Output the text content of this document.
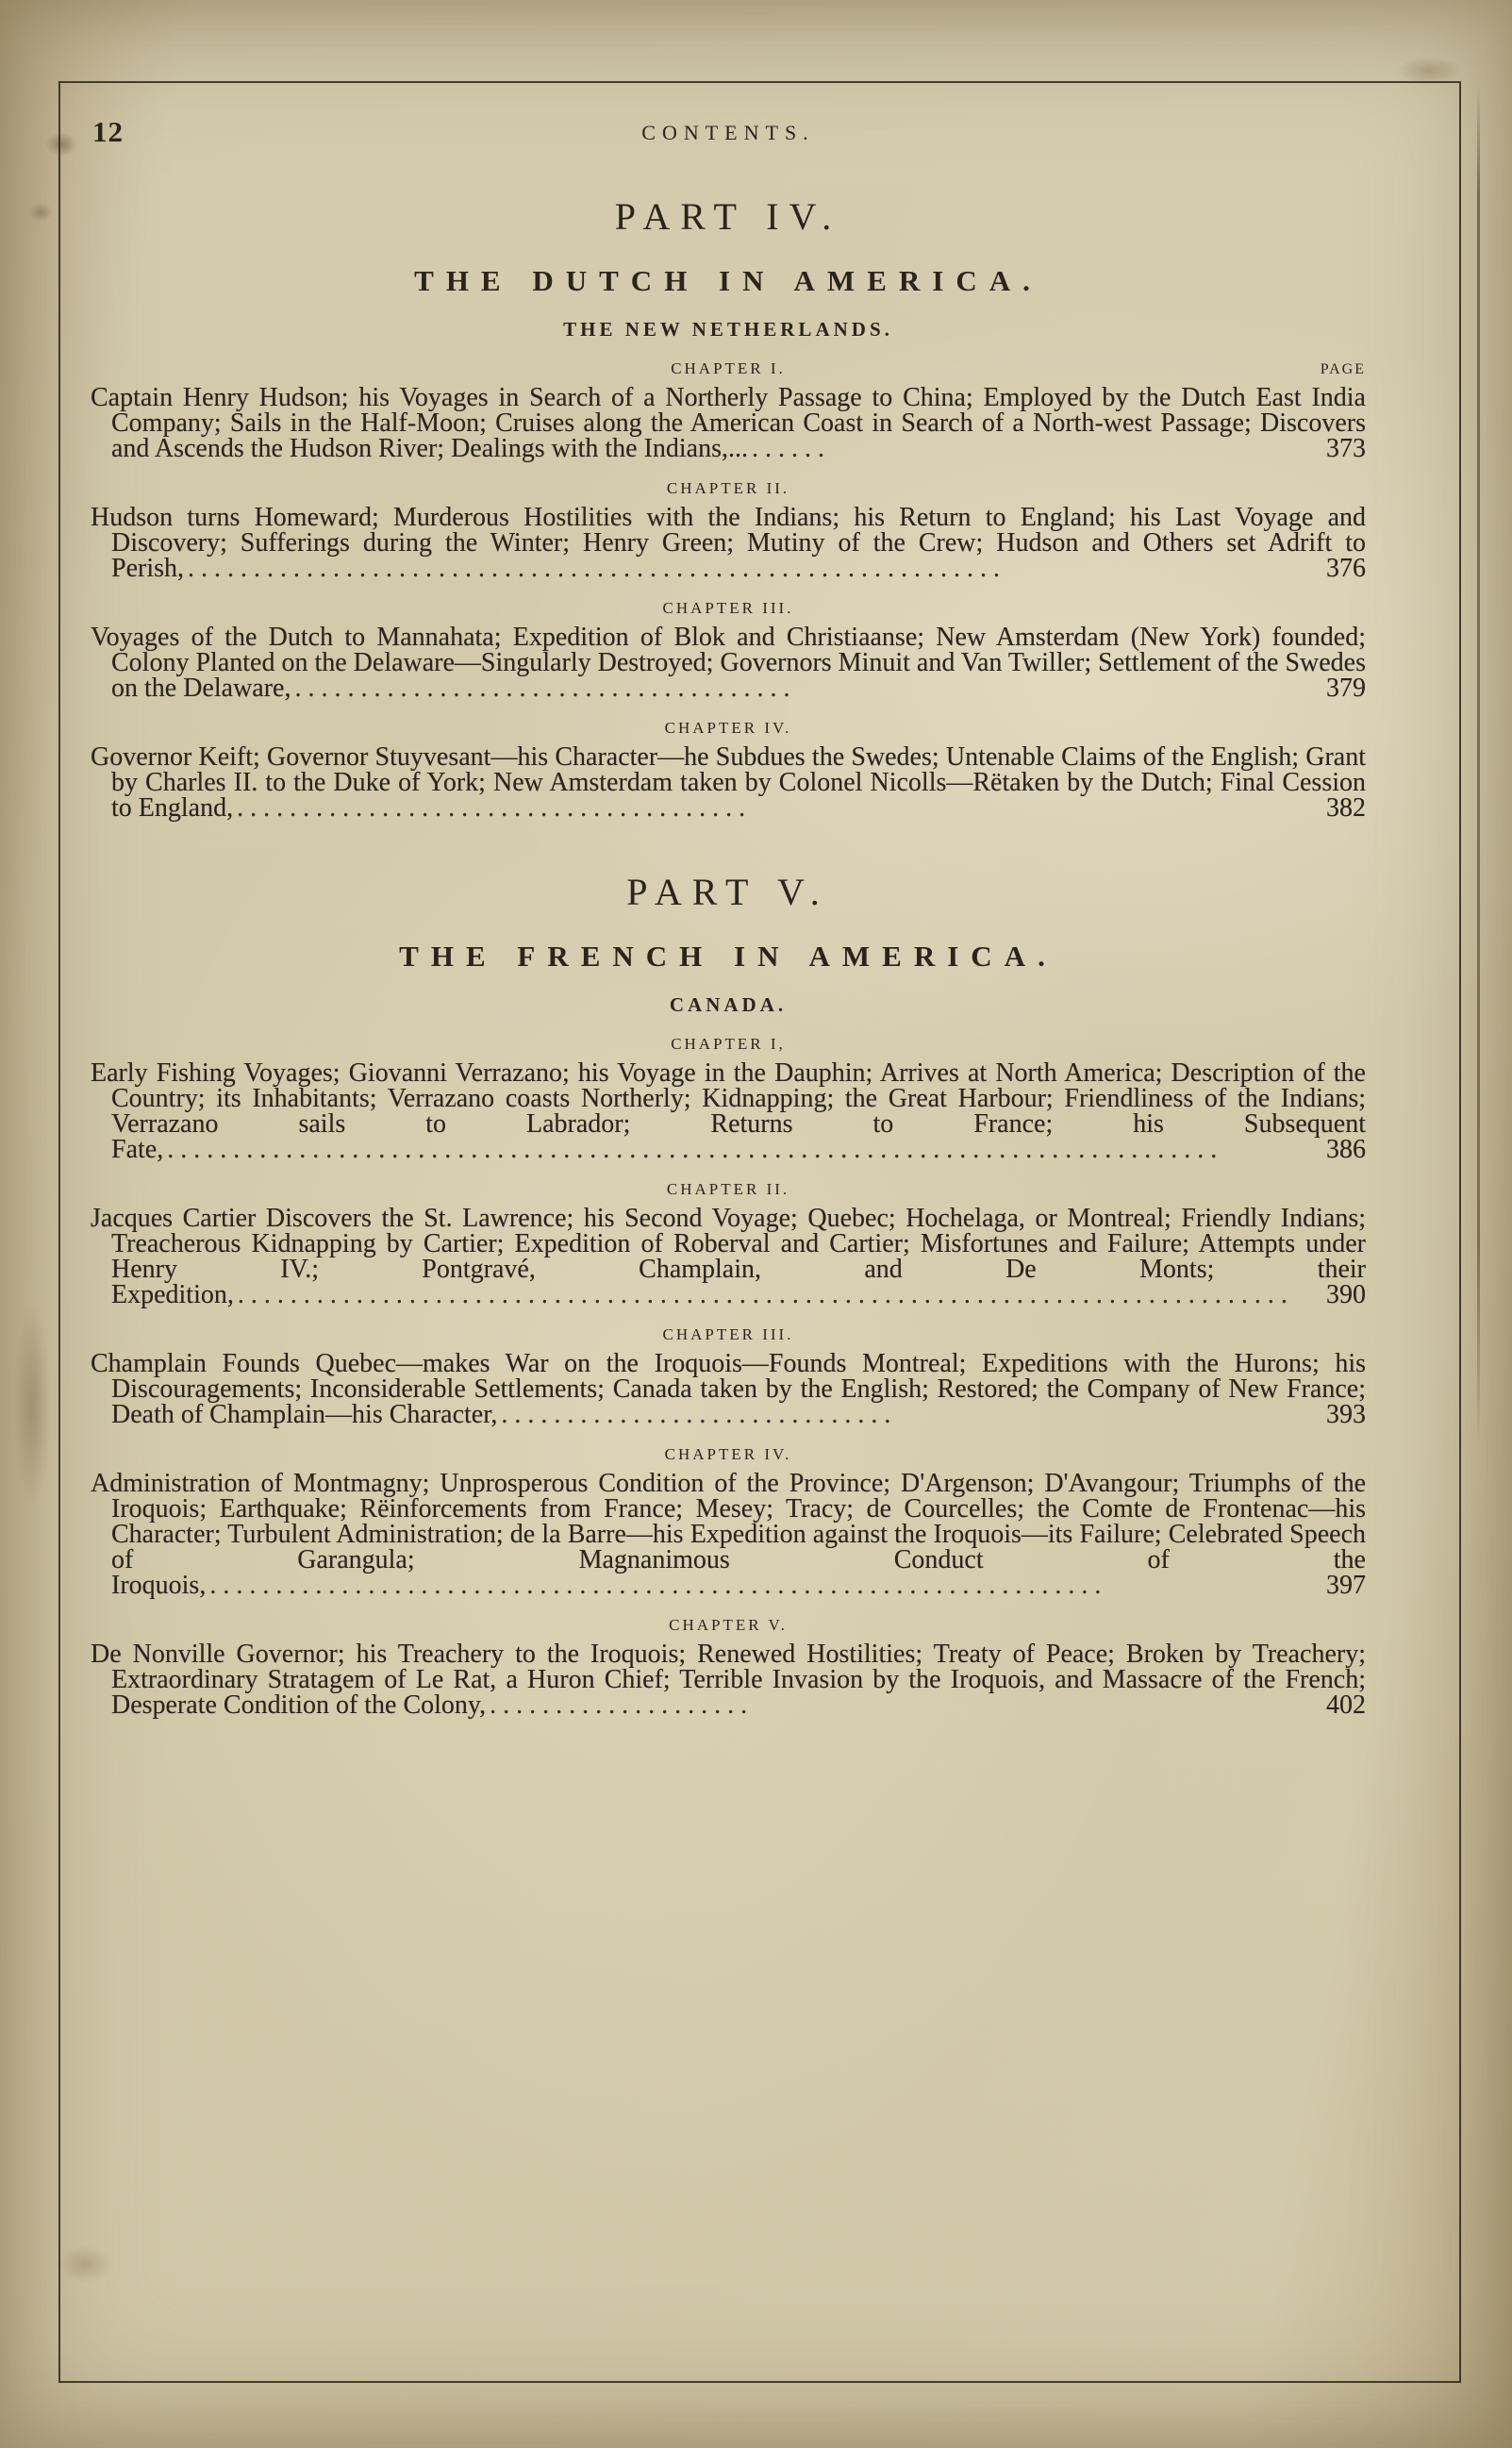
12	CONTENTS.
PART IV.
THE DUTCH IN AMERICA.
THE NEW NETHERLANDS.
CHAPTER I.	PAGE

Captain Henry Hudson; his Voyages in Search of a Northerly Passage to China; Employed by the Dutch East India Company; Sails in the Half-Moon; Cruises along the American Coast in Search of a North-west Passage; Discovers and Ascends the Hudson River; Dealings with the Indians,... ......	373

CHAPTER II.

Hudson turns Homeward; Murderous Hostilities with the Indians; his Return to England; his Last Voyage and Discovery; Sufferings during the Winter; Henry Green; Mutiny of the Crew; Hudson and Others set Adrift to Perish, ..............................................................	376

CHAPTER III.

Voyages of the Dutch to Mannahata; Expedition of Blok and Christiaanse; New Amsterdam (New York) founded; Colony Planted on the Delaware—Singularly Destroyed; Governors Minuit and Van Twiller; Settlement of the Swedes on the Delaware, ......................................	379

CHAPTER IV.

Governor Keift; Governor Stuyvesant—his Character—he Subdues the Swedes; Untenable Claims of the English; Grant by Charles II. to the Duke of York; New Amsterdam taken by Colonel Nicolls—Rëtaken by the Dutch; Final Cession to England, .......................................	382

PART V.
THE FRENCH IN AMERICA.
CANADA.
CHAPTER I,

Early Fishing Voyages; Giovanni Verrazano; his Voyage in the Dauphin; Arrives at North America; Description of the Country; its Inhabitants; Verrazano coasts Northerly; Kidnapping; the Great Harbour; Friendliness of the Indians; Verrazano sails to Labrador; Returns to France; his Subsequent Fate, ................................................................................	386

CHAPTER II.

Jacques Cartier Discovers the St. Lawrence; his Second Voyage; Quebec; Hochelaga, or Montreal; Friendly Indians; Treacherous Kidnapping by Cartier; Expedition of Roberval and Cartier; Misfortunes and Failure; Attempts under Henry IV.; Pontgravé, Champlain, and De Monts; their Expedition, ................................................................................ 390

CHAPTER III.

Champlain Founds Quebec—makes War on the Iroquois—Founds Montreal; Expeditions with the Hurons; his Discouragements; Inconsiderable Settlements; Canada taken by the English; Restored; the Company of New France; Death of Champlain—his Character, ..............................	393

CHAPTER IV.

Administration of Montmagny; Unprosperous Condition of the Province; D'Argenson; D'Avangour; Triumphs of the Iroquois; Earthquake; Rëinforcements from France; Mesey; Tracy; de Courcelles; the Comte de Frontenac—his Character; Turbulent Administration; de la Barre—his Expedition against the Iroquois—its Failure; Celebrated Speech of Garangula; Magnanimous Conduct of the Iroquois, ....................................................................	397

CHAPTER V.

De Nonville Governor; his Treachery to the Iroquois; Renewed Hostilities; Treaty of Peace; Broken by Treachery; Extraordinary Stratagem of Le Rat, a Huron Chief; Terrible Invasion by the Iroquois, and Massacre of the French; Desperate Condition of the Colony, ....................	402
